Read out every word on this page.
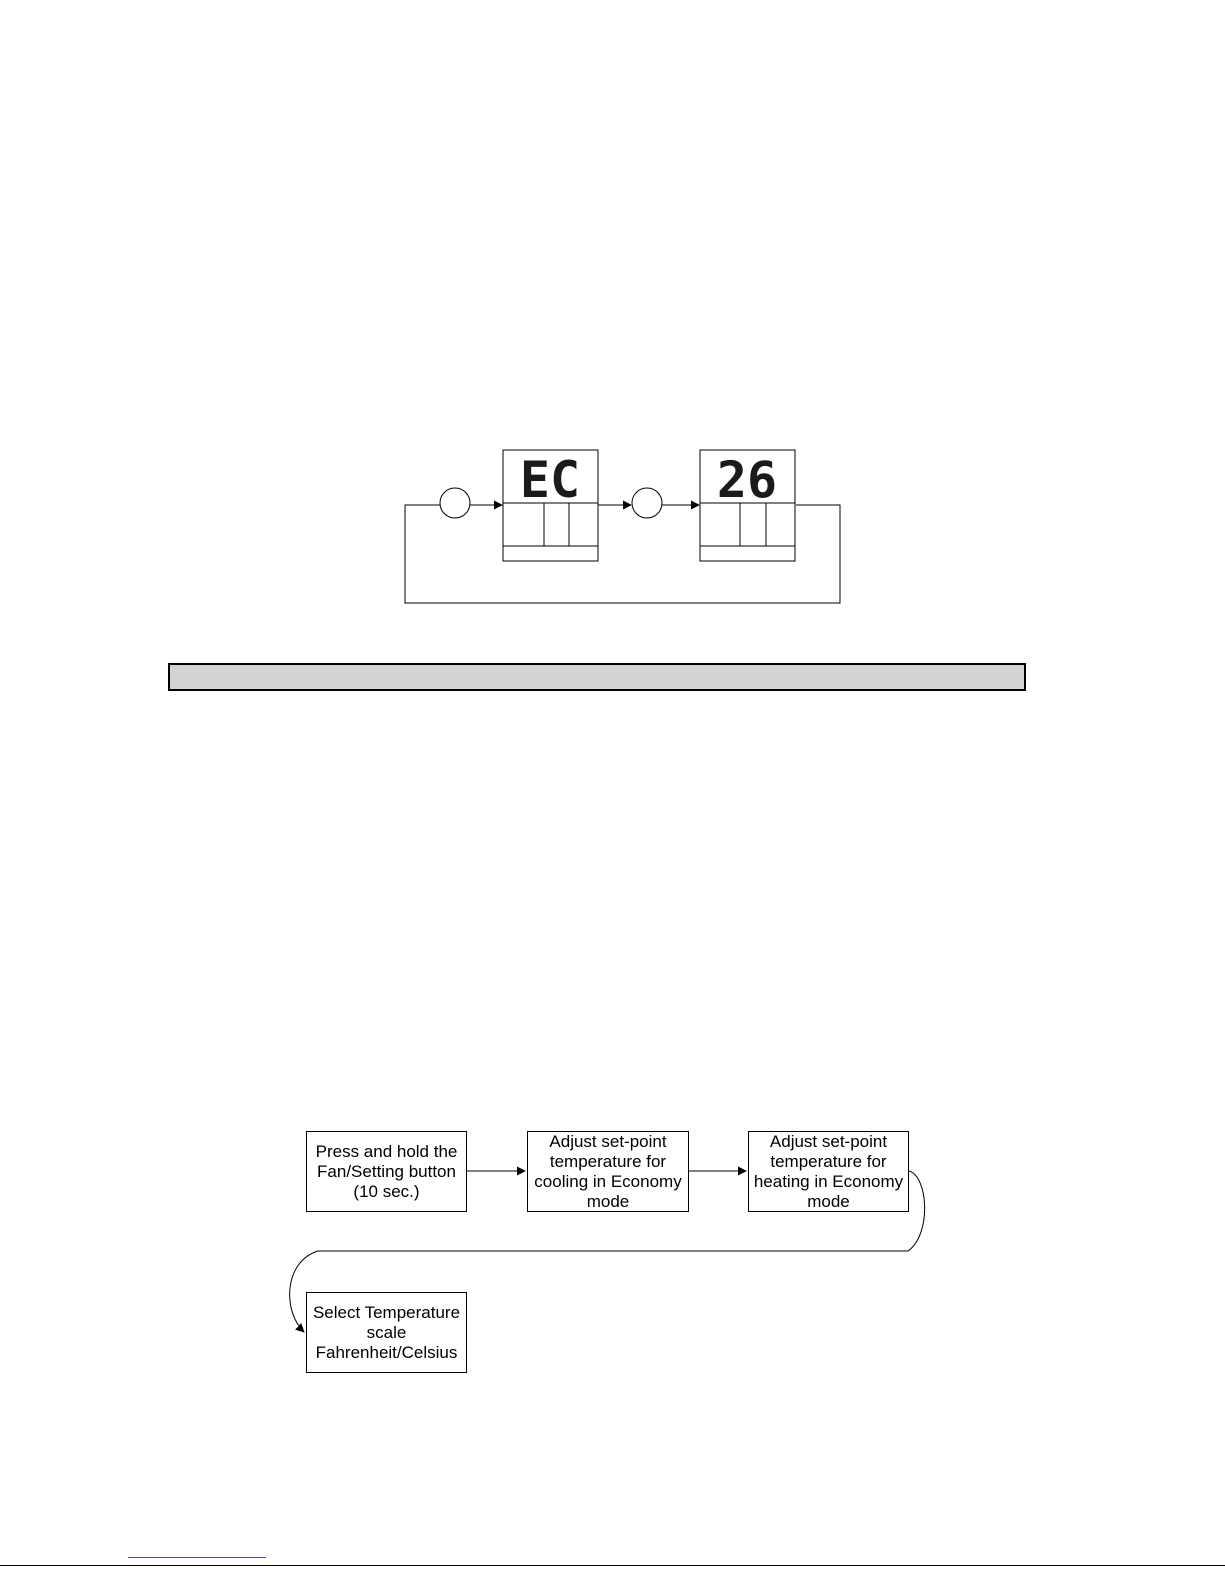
EC	26
Press and hold the Fan/Setting button (10 sec.)
Adjust set-point temperature for cooling in Economy mode
Adjust set-point temperature for heating in Economy mode
Select Temperature scale Fahrenheit/Celsius
